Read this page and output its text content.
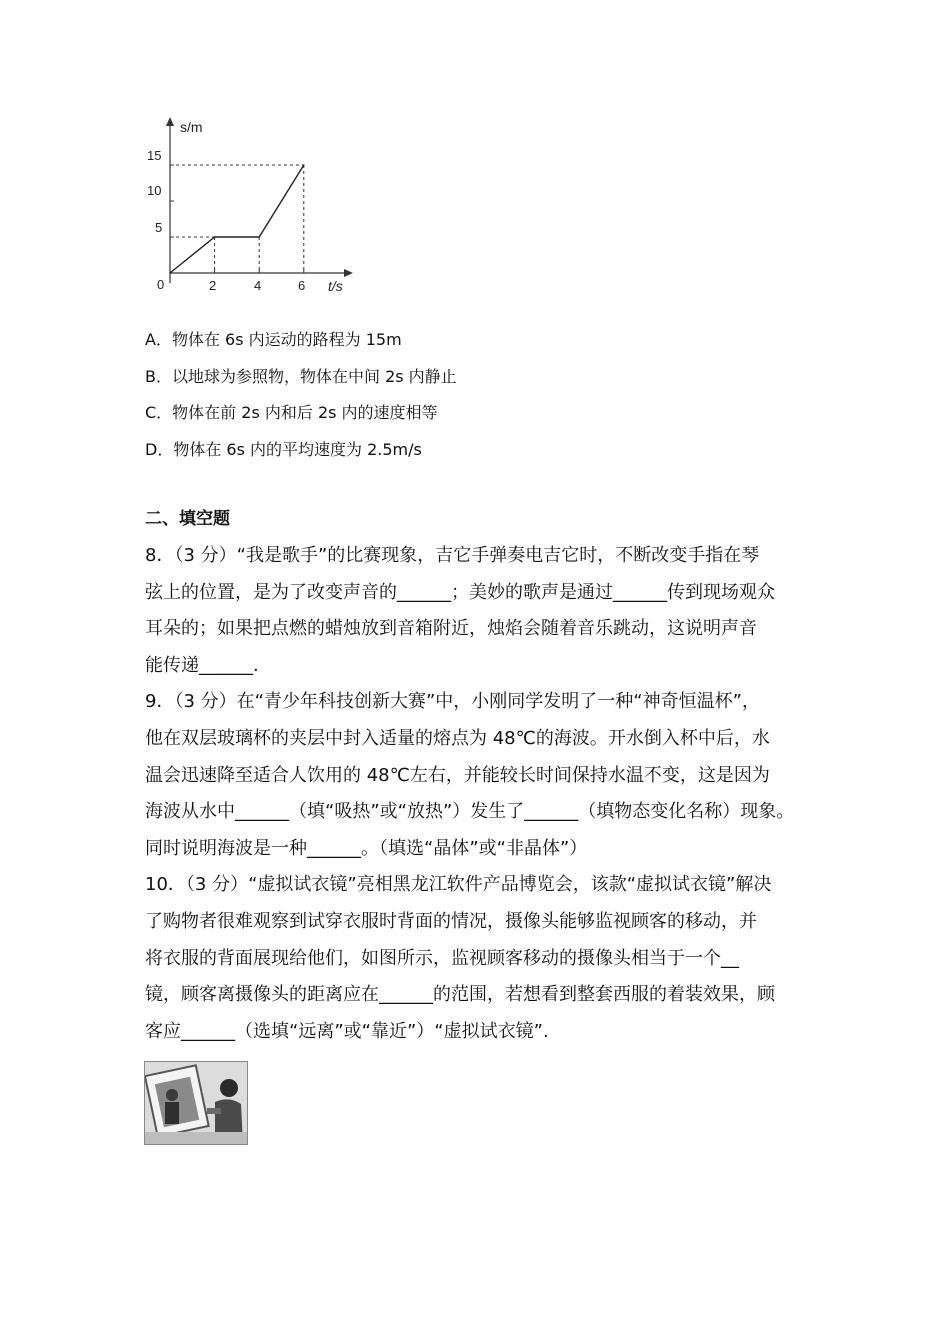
s/m
t/s
0
5
10
15
2	4	6
A．物体在 6s 内运动的路程为 15m
B．以地球为参照物，物体在中间 2s 内静止
C．物体在前 2s 内和后 2s 内的速度相等
D．物体在 6s 内的平均速度为 2.5m/s
二、填空题
8．（3 分）“我是歌手”的比赛现象，吉它手弹奏电吉它时，不断改变手指在琴
弦上的位置，是为了改变声音的______；美妙的歌声是通过______传到现场观众
耳朵的；如果把点燃的蜡烛放到音箱附近，烛焰会随着音乐跳动，这说明声音
能传递______.
9．（3 分）在“青少年科技创新大赛”中，小刚同学发明了一种“神奇恒温杯”，
他在双层玻璃杯的夹层中封入适量的熔点为 48℃的海波。开水倒入杯中后，水
温会迅速降至适合人饮用的 48℃左右，并能较长时间保持水温不变，这是因为
海波从水中______（填“吸热”或“放热”）发生了______（填物态变化名称）现象。
同时说明海波是一种______。（填选“晶体”或“非晶体”）
10．（3 分）“虚拟试衣镜”亮相黑龙江软件产品博览会，该款“虚拟试衣镜”解决
了购物者很难观察到试穿衣服时背面的情况，摄像头能够监视顾客的移动，并
将衣服的背面展现给他们，如图所示，监视顾客移动的摄像头相当于一个__
镜，顾客离摄像头的距离应在______的范围，若想看到整套西服的着装效果，顾
客应______（选填“远离”或“靠近”）“虚拟试衣镜”.
